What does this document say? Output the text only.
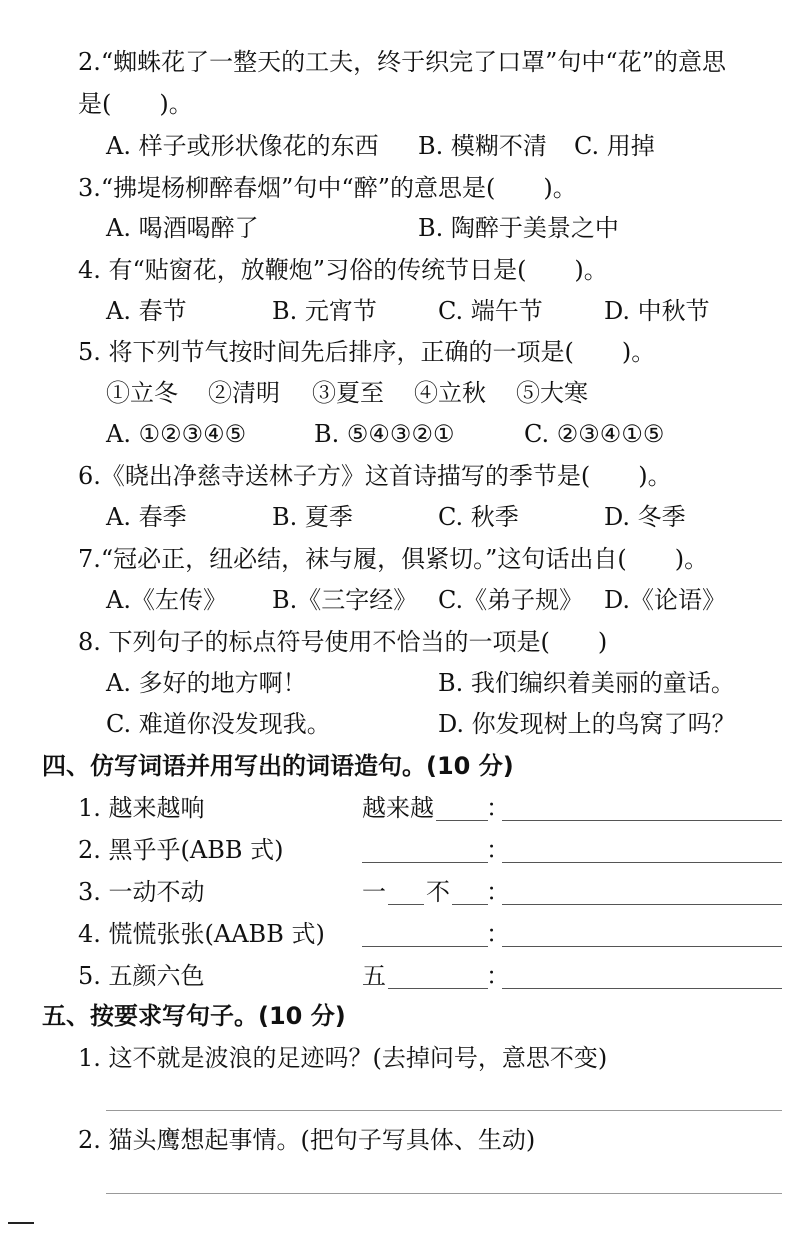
2.“蜘蛛花了一整天的工夫，终于织完了口罩”句中“花”的意思
是(　　)。
A. 样子或形状像花的东西 B. 模糊不清 C. 用掉
3.“拂堤杨柳醉春烟”句中“醉”的意思是(　　)。
A. 喝酒喝醉了	B. 陶醉于美景之中
4. 有“贴窗花，放鞭炮”习俗的传统节日是(　　)。
A. 春节	B. 元宵节	C. 端午节	D. 中秋节
5. 将下列节气按时间先后排序，正确的一项是(　　)。
①立冬 ②清明 ③夏至 ④立秋 ⑤大寒
A. ①②③④⑤	B. ⑤④③②①	C. ②③④①⑤
6.《晓出净慈寺送林子方》这首诗描写的季节是(　　)。
A. 春季	B. 夏季	C. 秋季	D. 冬季
7.“冠必正，纽必结，袜与履，俱紧切。”这句话出自(　　)。
A.《左传》 B.《三字经》 C.《弟子规》 D.《论语》
8. 下列句子的标点符号使用不恰当的一项是(　　)
A. 多好的地方啊！	B. 我们编织着美丽的童话。
C. 难道你没发现我。	D. 你发现树上的鸟窝了吗？
四、仿写词语并用写出的词语造句。(10 分)
1. 越来越响	越来越 ：
2. 黑乎乎(ABB 式)	：
3. 一动不动	一 不 ：
4. 慌慌张张(AABB 式)	：
5. 五颜六色	五	：
五、按要求写句子。(10 分)
1. 这不就是波浪的足迹吗？(去掉问号，意思不变)
2. 猫头鹰想起事情。(把句子写具体、生动)
